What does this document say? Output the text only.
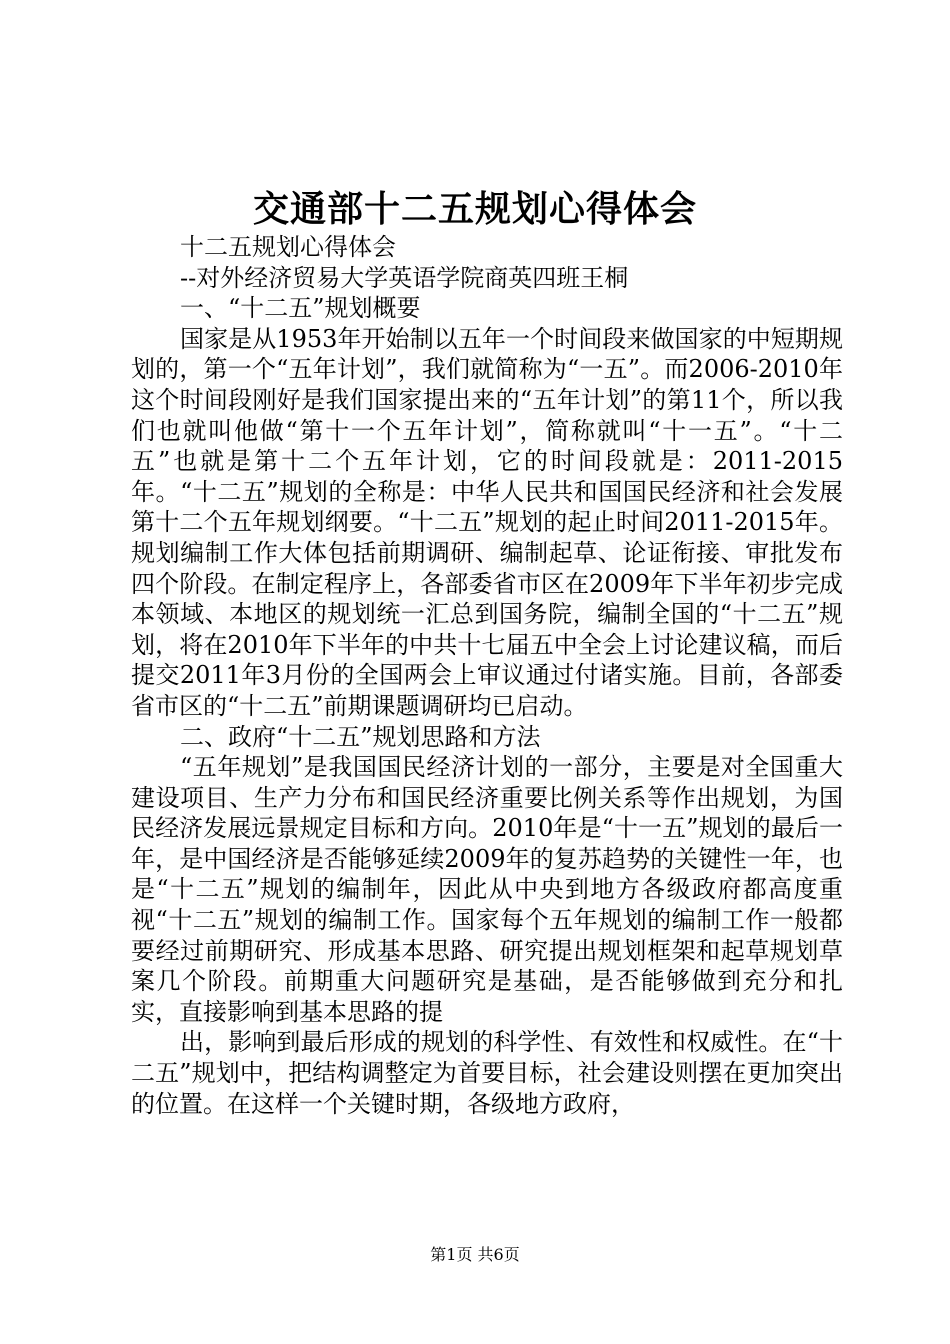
交通部十二五规划心得体会

十二五规划心得体会

--对外经济贸易大学英语学院商英四班王桐

一、“十二五”规划概要

国家是从1953年开始制以五年一个时间段来做国家的中短期规划的，第一个“五年计划”，我们就简称为“一五”。而2006-2010年这个时间段刚好是我们国家提出来的“五年计划”的第11个，所以我们也就叫他做“第十一个五年计划”，简称就叫“十一五”。“十二五”也就是第十二个五年计划，它的时间段就是：2011-2015年。“十二五”规划的全称是：中华人民共和国国民经济和社会发展第十二个五年规划纲要。“十二五”规划的起止时间2011-2015年。规划编制工作大体包括前期调研、编制起草、论证衔接、审批发布四个阶段。在制定程序上，各部委省市区在2009年下半年初步完成本领域、本地区的规划统一汇总到国务院，编制全国的“十二五”规划，将在2010年下半年的中共十七届五中全会上讨论建议稿，而后提交2011年3月份的全国两会上审议通过付诸实施。目前，各部委省市区的“十二五”前期课题调研均已启动。

二、政府“十二五”规划思路和方法

“五年规划”是我国国民经济计划的一部分，主要是对全国重大建设项目、生产力分布和国民经济重要比例关系等作出规划，为国民经济发展远景规定目标和方向。2010年是“十一五”规划的最后一年，是中国经济是否能够延续2009年的复苏趋势的关键性一年，也是“十二五”规划的编制年，因此从中央到地方各级政府都高度重视“十二五”规划的编制工作。国家每个五年规划的编制工作一般都要经过前期研究、形成基本思路、研究提出规划框架和起草规划草案几个阶段。前期重大问题研究是基础，是否能够做到充分和扎实，直接影响到基本思路的提

出，影响到最后形成的规划的科学性、有效性和权威性。在“十二五”规划中，把结构调整定为首要目标，社会建设则摆在更加突出的位置。在这样一个关键时期，各级地方政府，

第1页 共6页
